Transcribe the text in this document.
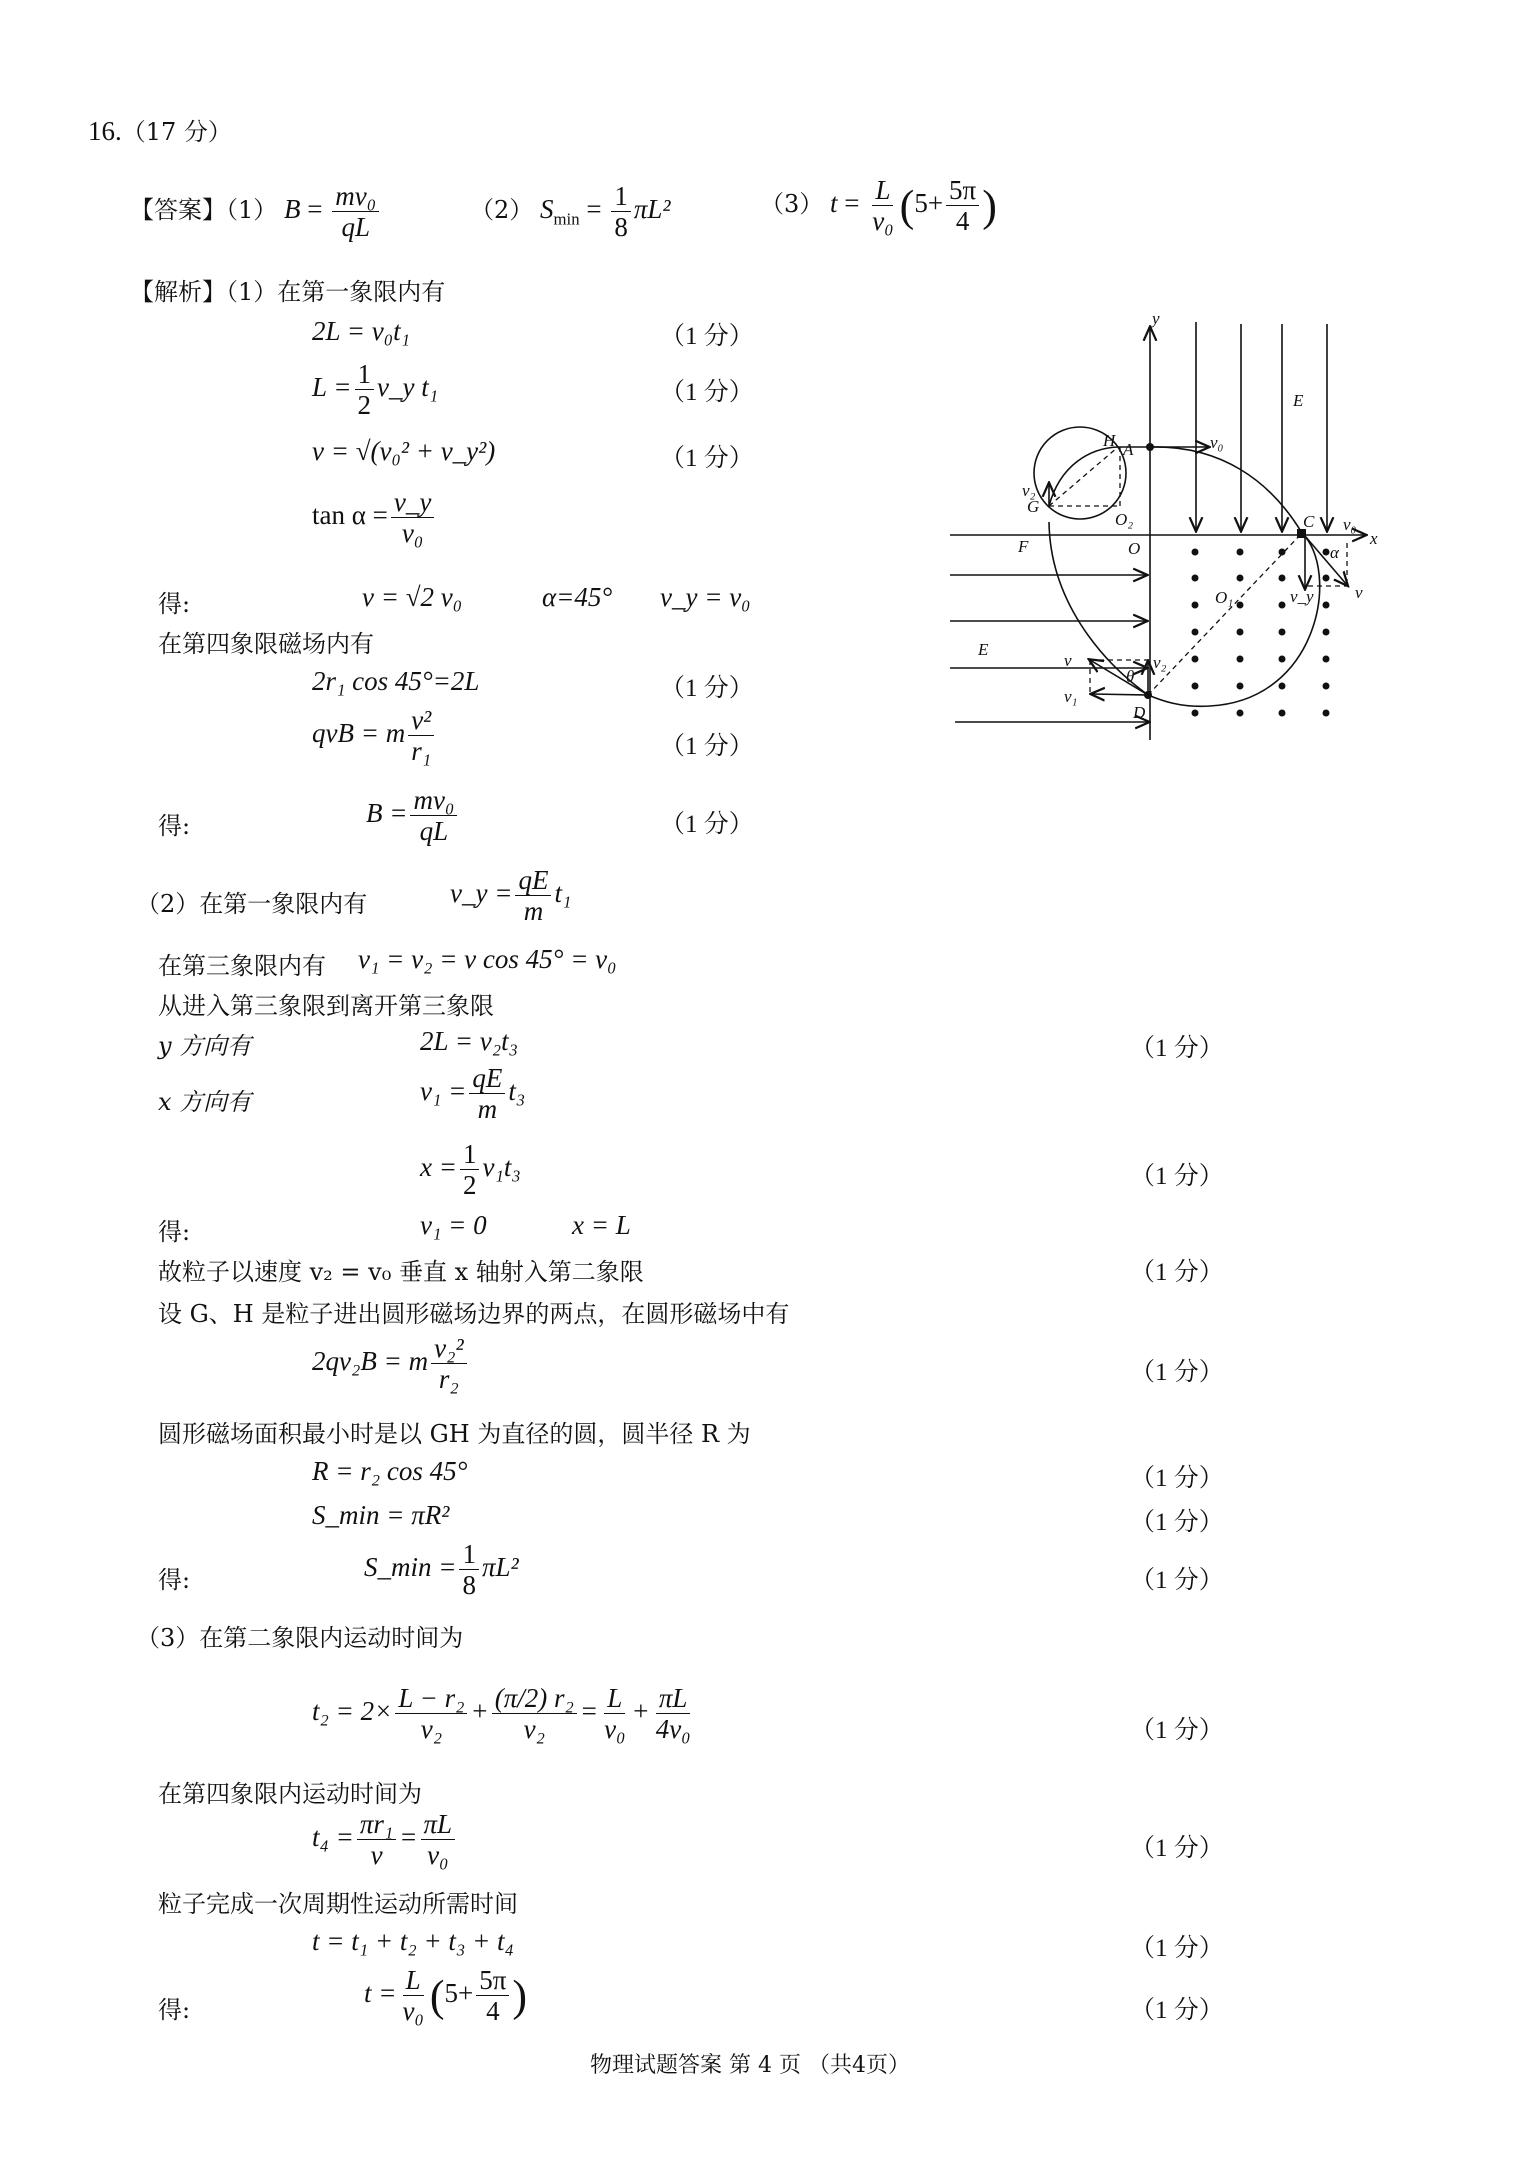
16.（17 分）
【答案】（1） $B = \frac{\text{mv₀}}{qL}$	（2） $S_{min} = \frac{1}{8} \pi L^2$	（3） $t = \frac{L}{\text{v₀}} (5+ \frac{5\pi}{4}$ )
【解析】（1）在第一象限内有
2L = v₀t₁	（1 分）
$L = \frac{1}{2}$ v_y t₁	（1 分）
v = √(v₀² + v_y²)	（1 分）
$\tan \alpha = \frac{v\_y}{\text{v₀}}$
得:	v = √2 v₀	α=45° v_y = v₀
在第四象限磁场内有
2r₁ cos 45°=2L	（1 分）
qvB = m $\frac{\text{v²}}{\text{r₁}}$	（1 分）
得:	$B = \frac{\text{mv₀}}{qL}$	（1 分）
（2）在第一象限内有	v_y = $\frac{qE}{m} t_1$
在第三象限内有 v₁ = v₂ = v cos 45° = v₀
从进入第三象限到离开第三象限
y 方向有	2L = v₂t₃	（1 分）
x 方向有	$v_1 = \frac{qE}{m} t_3$
$x = \frac{1}{2} v_1t_3$	（1 分）
得:	v₁ = 0	x = L
故粒子以速度 v₂ = v₀ 垂直 x 轴射入第二象限	（1 分）
设 G、H 是粒子进出圆形磁场边界的两点，在圆形磁场中有
2qv₂B = m $\frac{\text{v₂²}}{\text{r₂}}$	（1 分）
圆形磁场面积最小时是以 GH 为直径的圆，圆半径 R 为
R = r₂ cos 45°	（1 分）
S_min = πR²	（1 分）
得:	S_min = $\frac{1}{8} \pi L^2$	（1 分）
（3）在第二象限内运动时间为
$t_2 = 2\times \frac{\text{L − r₂}}{\text{v₂}} + \frac{\text{(π/2) r₂}}{\text{v₂}} = \frac{L}{\text{v₀}} + \frac{\pi L}{\text{4v₀}}$	（1 分）
在第四象限内运动时间为
$t_4 = \frac{\text{πr₁}}{v} = \frac{\pi L}{\text{v₀}}$	（1 分）
粒子完成一次周期性运动所需时间
t = t₁ + t₂ + t₃ + t₄	（1 分）
得:
$t = \frac{L}{\text{v₀}} (5+ \frac{5\pi}{4}$ )	（1 分）
物理试题答案 第 4 页 （共4页）
y
x
E
E
F	O
A
H
G
O₂
O₁
C
D
v₀
v₀
α
v
v_y
v₂
v
v₁
v₂
θ
